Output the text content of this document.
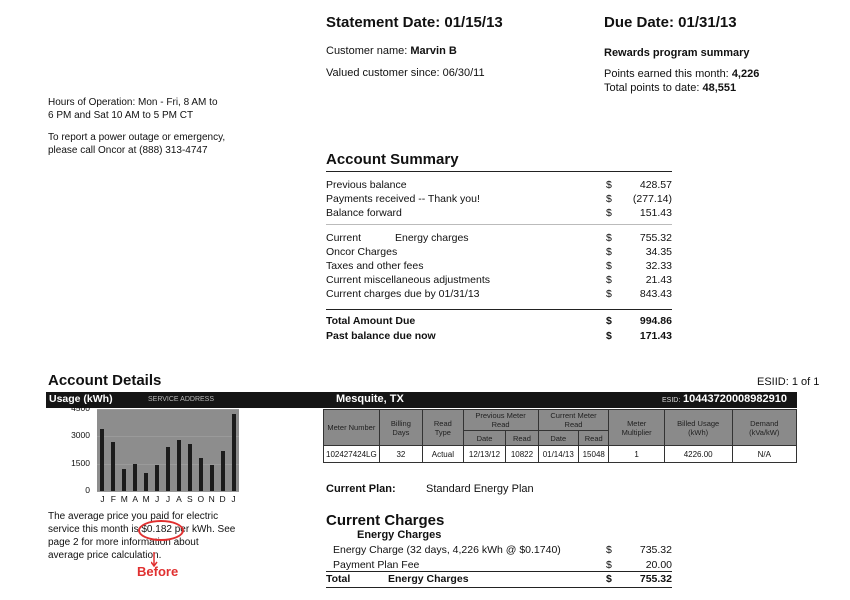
Statement Date: 01/15/13	Due Date: 01/31/13
Customer name: Marvin B
Valued customer since: 06/30/11
Rewards program summary
Points earned this month: 4,226
Total points to date: 48,551
Hours of Operation: Mon - Fri, 8 AM to
6 PM and Sat 10 AM to 5 PM CT
To report a power outage or emergency,
please call Oncor at (888) 313-4747
Account Summary
Previous balance	$	428.57
Payments received -- Thank you!	$ (277.14)
Balance forward	$	151.43
Current	Energy charges	$	755.32
Oncor Charges	$	34.35
Taxes and other fees	$	32.33
Current miscellaneous adjustments	$	21.43
Current charges due by 01/31/13	$	843.43
Total Amount Due	$	994.86
Past balance due now	$	171.43
Account Details	ESIID: 1 of 1
Usage (kWh)	SERVICE ADDRESS	Mesquite, TX	ESID: 10443720008982910
4500
3000
1500
0
J F M A M J J A S O N D J
Meter Number	Billing Days	Read Type	Previous Meter Read		Current Meter Read		Meter Multiplier	Billed Usage (kWh)	Demand (kVa/kW)
			Date	Read	Date	Read			
102427424LG	32	Actual	12/13/12	10822	01/14/13	15048	1	4226.00	N/A
The average price you paid for electric
service this month is $0.182 per kWh. See
page 2 for more information about
average price calculation.
Before
Current Plan:	Standard Energy Plan
Current Charges
Energy Charges
Energy Charge (32 days, 4,226 kWh @ $0.1740)	$	735.32
Payment Plan Fee	$	20.00
Total	Energy Charges	$	755.32
